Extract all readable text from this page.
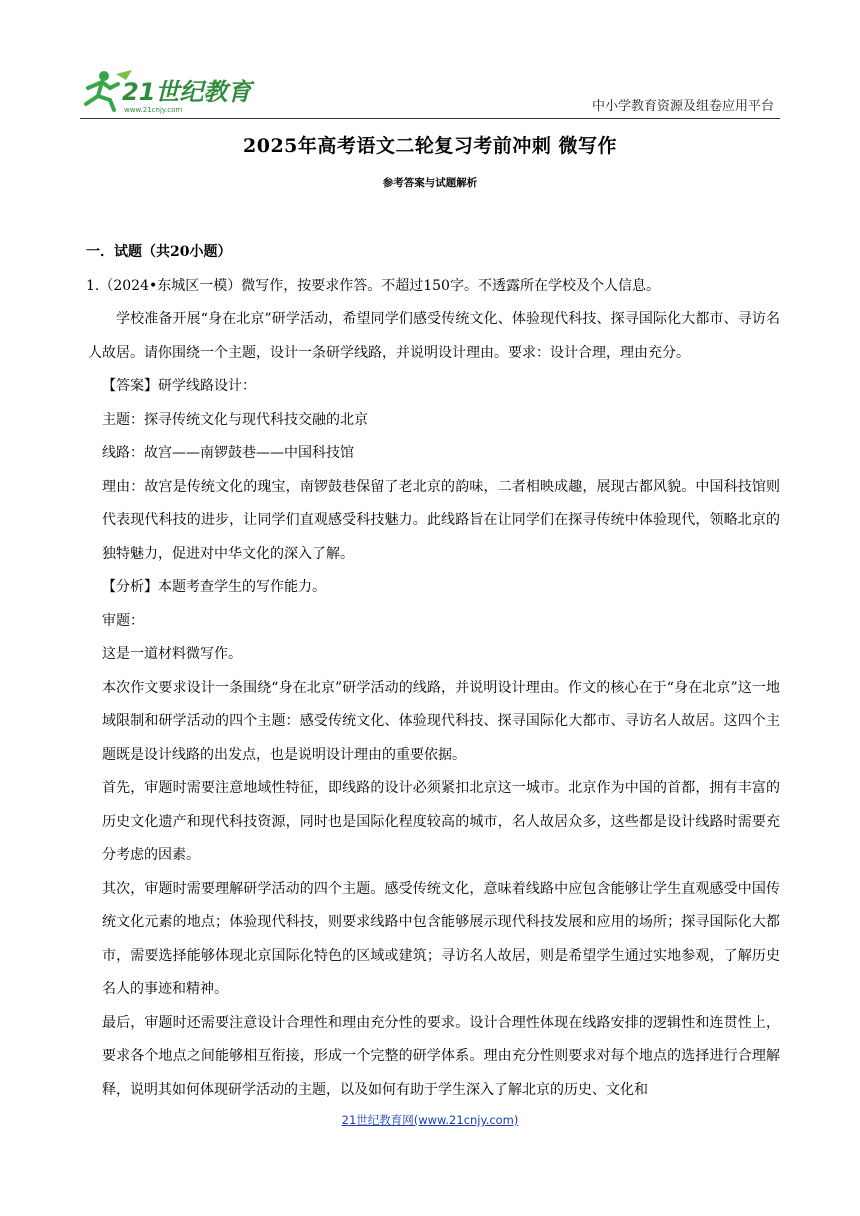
21世纪教育
www.21cnjy.com	中小学教育资源及组卷应用平台
2025年高考语文二轮复习考前冲刺 微写作
参考答案与试题解析

一．试题（共20小题）

1.（2024•东城区一模）微写作，按要求作答。不超过150字。不透露所在学校及个人信息。

学校准备开展“身在北京”研学活动，希望同学们感受传统文化、体验现代科技、探寻国际化大都市、寻访名人故居。请你围绕一个主题，设计一条研学线路，并说明设计理由。要求：设计合理，理由充分。

【答案】研学线路设计：

主题：探寻传统文化与现代科技交融的北京

线路：故宫——南锣鼓巷——中国科技馆

理由：故宫是传统文化的瑰宝，南锣鼓巷保留了老北京的韵味，二者相映成趣，展现古都风貌。中国科技馆则代表现代科技的进步，让同学们直观感受科技魅力。此线路旨在让同学们在探寻传统中体验现代，领略北京的独特魅力，促进对中华文化的深入了解。

【分析】本题考查学生的写作能力。

审题：

这是一道材料微写作。

本次作文要求设计一条围绕“身在北京”研学活动的线路，并说明设计理由。作文的核心在于“身在北京”这一地域限制和研学活动的四个主题：感受传统文化、体验现代科技、探寻国际化大都市、寻访名人故居。这四个主题既是设计线路的出发点，也是说明设计理由的重要依据。

首先，审题时需要注意地域性特征，即线路的设计必须紧扣北京这一城市。北京作为中国的首都，拥有丰富的历史文化遗产和现代科技资源，同时也是国际化程度较高的城市，名人故居众多，这些都是设计线路时需要充分考虑的因素。

其次，审题时需要理解研学活动的四个主题。感受传统文化，意味着线路中应包含能够让学生直观感受中国传统文化元素的地点；体验现代科技，则要求线路中包含能够展示现代科技发展和应用的场所；探寻国际化大都市，需要选择能够体现北京国际化特色的区域或建筑；寻访名人故居，则是希望学生通过实地参观，了解历史名人的事迹和精神。

最后，审题时还需要注意设计合理性和理由充分性的要求。设计合理性体现在线路安排的逻辑性和连贯性上，要求各个地点之间能够相互衔接，形成一个完整的研学体系。理由充分性则要求对每个地点的选择进行合理解释，说明其如何体现研学活动的主题，以及如何有助于学生深入了解北京的历史、文化和

21世纪教育网(www.21cnjy.com)
